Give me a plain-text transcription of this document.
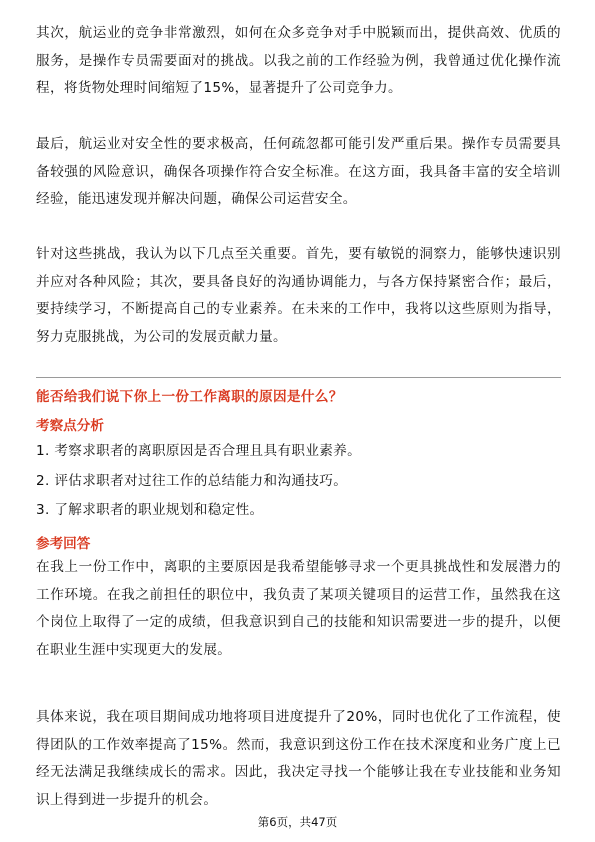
其次，航运业的竞争非常激烈，如何在众多竞争对手中脱颖而出，提供高效、优质的服务，是操作专员需要面对的挑战。以我之前的工作经验为例，我曾通过优化操作流程，将货物处理时间缩短了15%，显著提升了公司竞争力。

最后，航运业对安全性的要求极高，任何疏忽都可能引发严重后果。操作专员需要具备较强的风险意识，确保各项操作符合安全标准。在这方面，我具备丰富的安全培训经验，能迅速发现并解决问题，确保公司运营安全。

针对这些挑战，我认为以下几点至关重要。首先，要有敏锐的洞察力，能够快速识别并应对各种风险；其次，要具备良好的沟通协调能力，与各方保持紧密合作；最后，要持续学习，不断提高自己的专业素养。在未来的工作中，我将以这些原则为指导，努力克服挑战，为公司的发展贡献力量。

能否给我们说下你上一份工作离职的原因是什么？

考察点分析

1. 考察求职者的离职原因是否合理且具有职业素养。

2. 评估求职者对过往工作的总结能力和沟通技巧。

3. 了解求职者的职业规划和稳定性。

参考回答

在我上一份工作中，离职的主要原因是我希望能够寻求一个更具挑战性和发展潜力的工作环境。在我之前担任的职位中，我负责了某项关键项目的运营工作，虽然我在这个岗位上取得了一定的成绩，但我意识到自己的技能和知识需要进一步的提升，以便在职业生涯中实现更大的发展。

具体来说，我在项目期间成功地将项目进度提升了20%，同时也优化了工作流程，使得团队的工作效率提高了15%。然而，我意识到这份工作在技术深度和业务广度上已经无法满足我继续成长的需求。因此，我决定寻找一个能够让我在专业技能和业务知识上得到进一步提升的机会。

第6页，共47页
